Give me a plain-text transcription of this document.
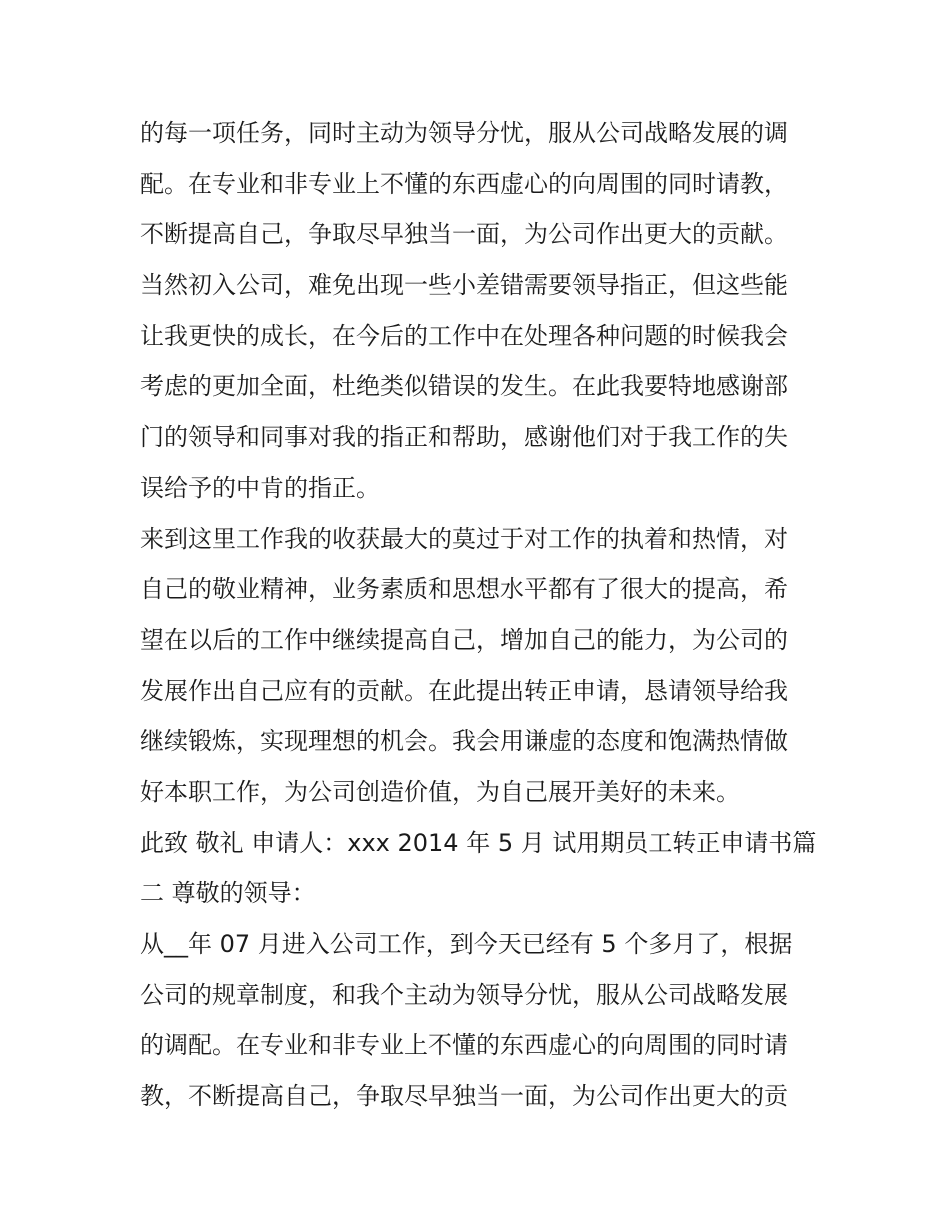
的每一项任务，同时主动为领导分忧，服从公司战略发展的调
配。在专业和非专业上不懂的东西虚心的向周围的同时请教，
不断提高自己，争取尽早独当一面，为公司作出更大的贡献。
当然初入公司，难免出现一些小差错需要领导指正，但这些能
让我更快的成长，在今后的工作中在处理各种问题的时候我会
考虑的更加全面，杜绝类似错误的发生。在此我要特地感谢部
门的领导和同事对我的指正和帮助，感谢他们对于我工作的失
误给予的中肯的指正。
来到这里工作我的收获最大的莫过于对工作的执着和热情，对
自己的敬业精神，业务素质和思想水平都有了很大的提高，希
望在以后的工作中继续提高自己，增加自己的能力，为公司的
发展作出自己应有的贡献。在此提出转正申请，恳请领导给我
继续锻炼，实现理想的机会。我会用谦虚的态度和饱满热情做
好本职工作，为公司创造价值，为自己展开美好的未来。
此致 敬礼 申请人：xxx 2014 年 5 月 试用期员工转正申请书篇
二 尊敬的领导：
从__年 07 月进入公司工作，到今天已经有 5 个多月了，根据
公司的规章制度，和我个主动为领导分忧，服从公司战略发展
的调配。在专业和非专业上不懂的东西虚心的向周围的同时请
教，不断提高自己，争取尽早独当一面，为公司作出更大的贡
